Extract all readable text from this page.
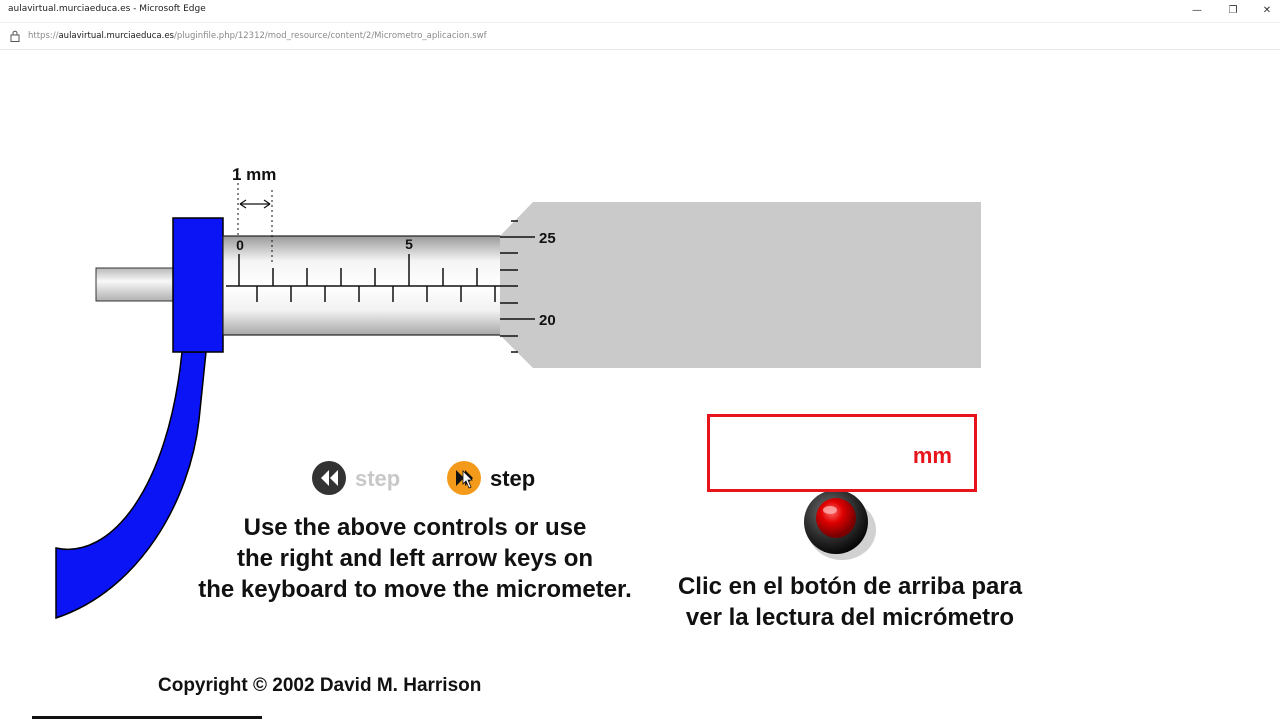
aulavirtual.murciaeduca.es - Microsoft Edge	—	❐	✕
https://aulavirtual.murciaeduca.es/pluginfile.php/12312/mod_resource/content/2/Micrometro_aplicacion.swf
0	5	25
20
1 mm
step	step
Use the above controls or use
the right and left arrow keys on
the keyboard to move the micrometer.
mm
Clic en el botón de arriba para
ver la lectura del micrómetro
Copyright © 2002 David M. Harrison
